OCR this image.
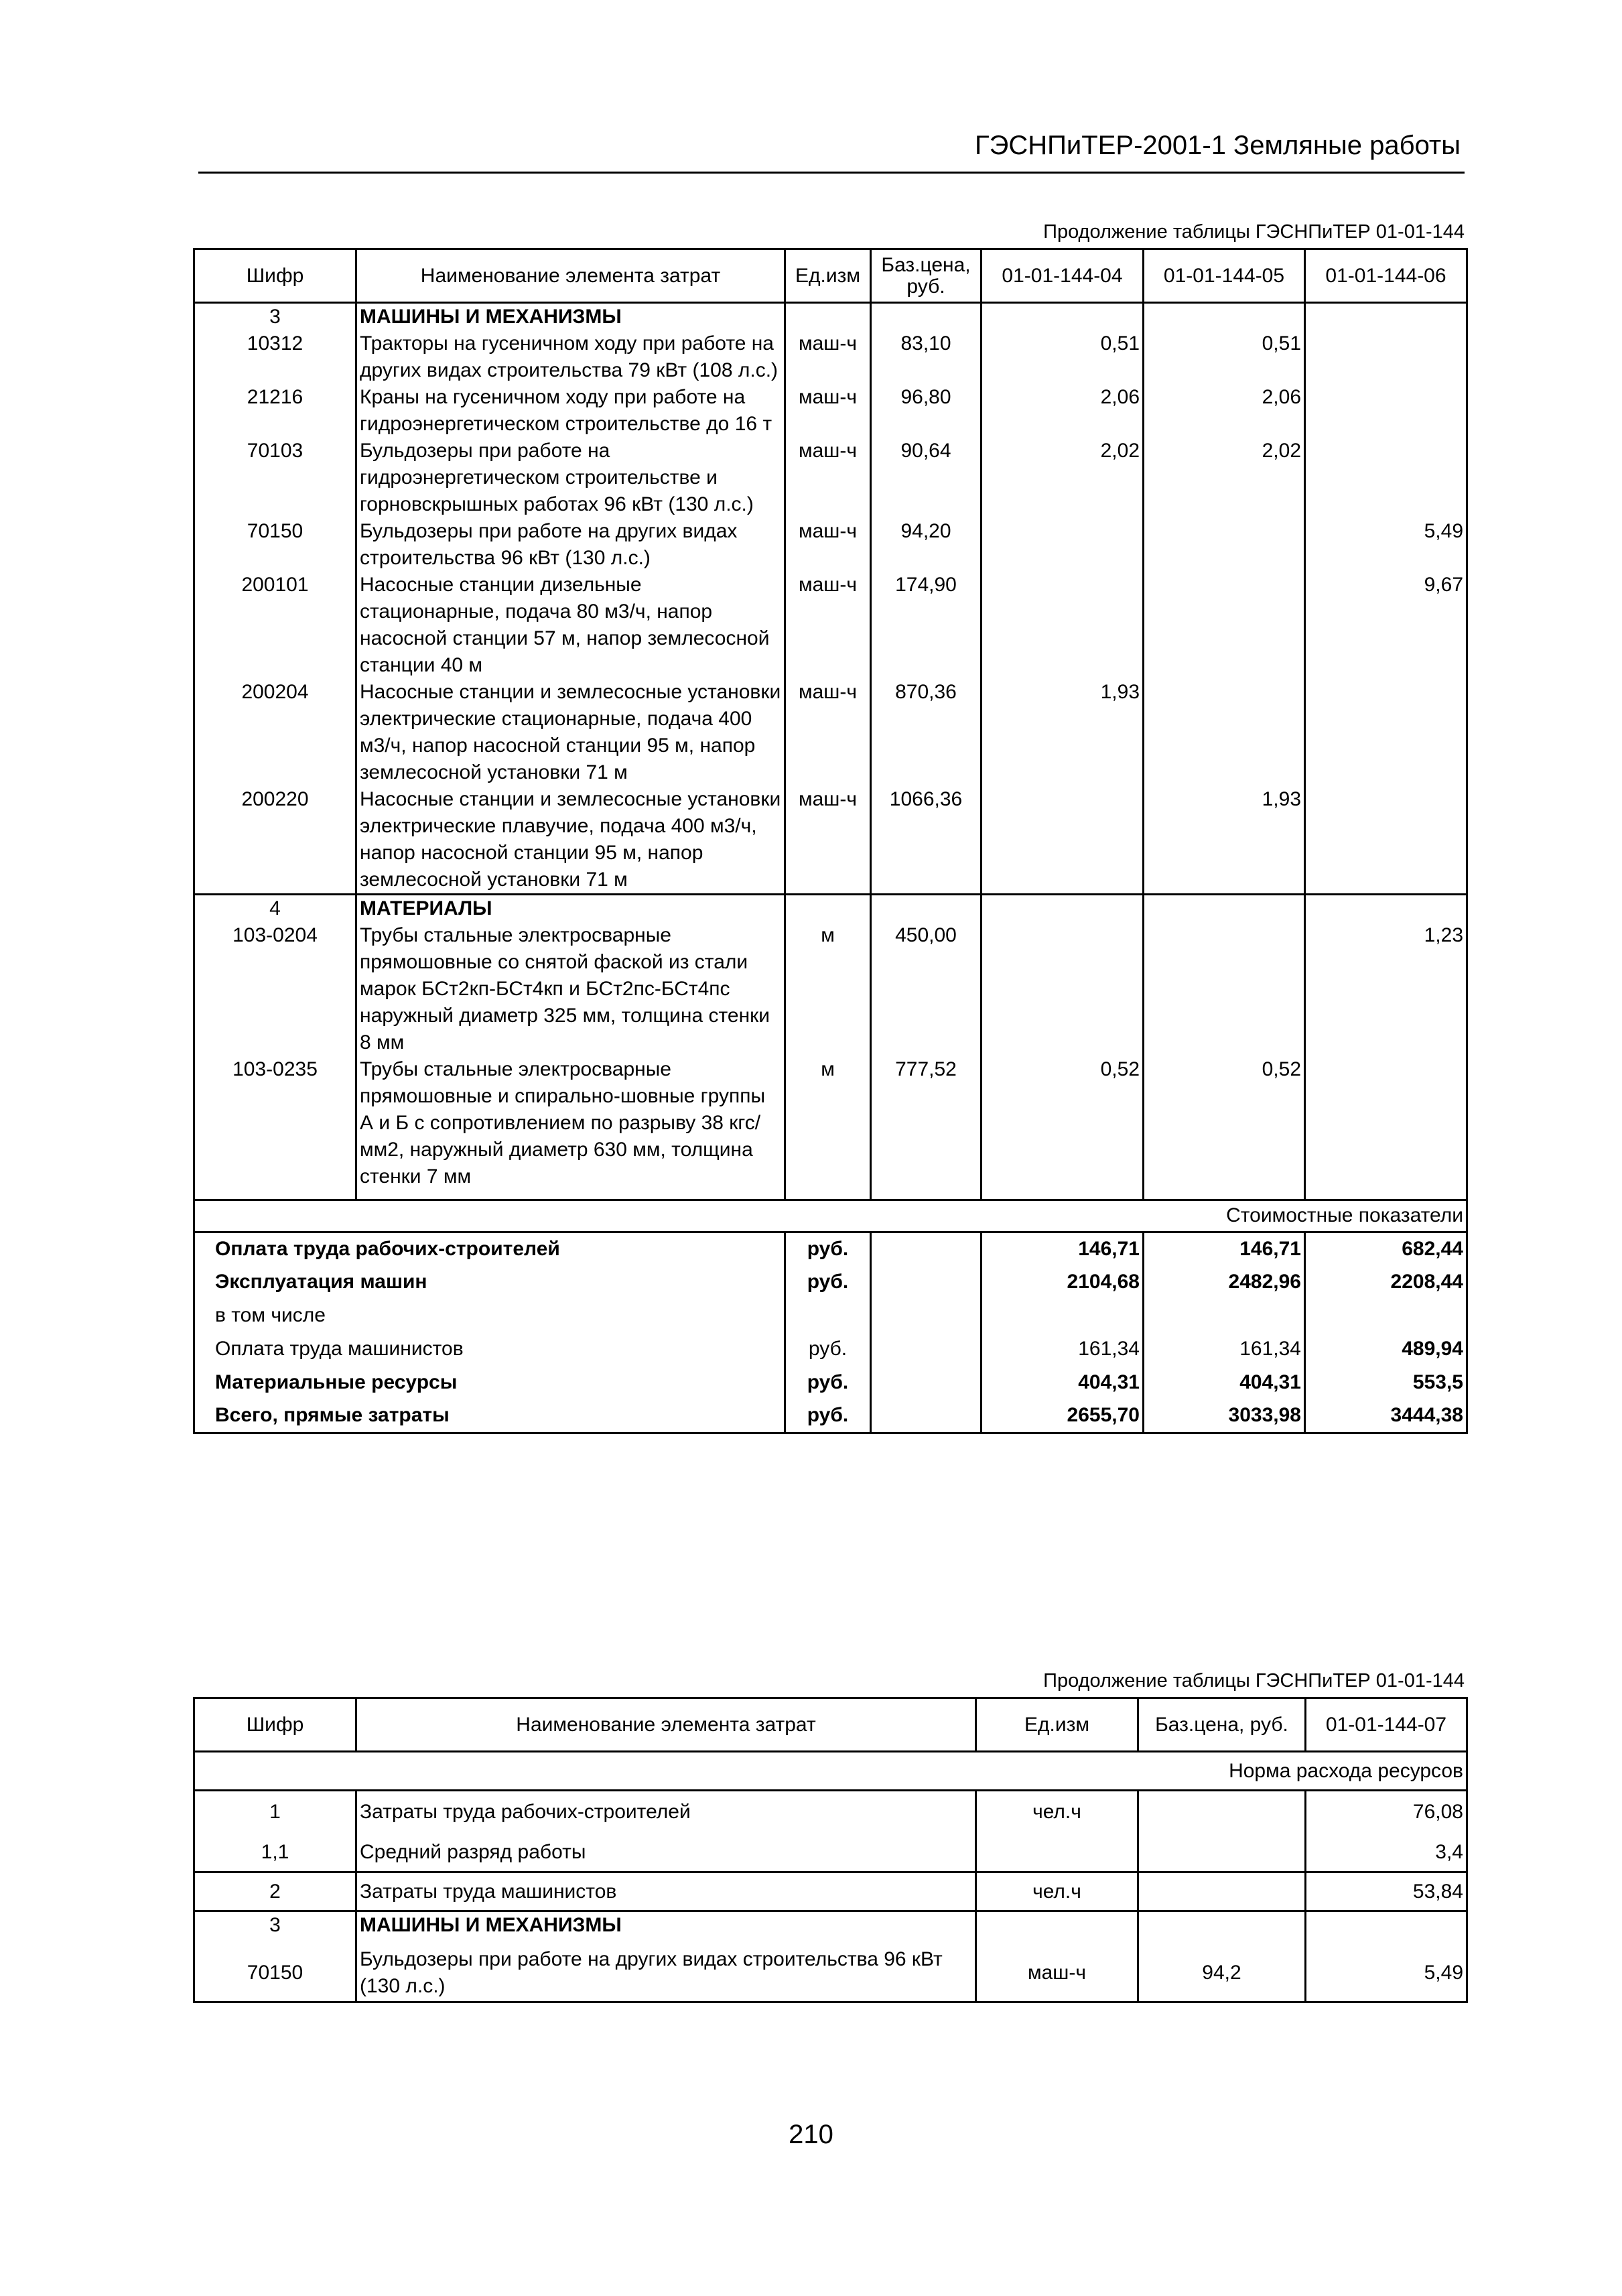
ГЭСНПиТЕР-2001-1 Земляные работы
Продолжение таблицы ГЭСНПиТЕР 01-01-144
Шифр	Наименование элемента затрат	Ед.изм	Баз.цена, руб.	01-01-144-04	01-01-144-05	01-01-144-06
3	МАШИНЫ И МЕХАНИЗМЫ					
10312	Тракторы на гусеничном ходу при работе на других видах строительства 79 кВт (108 л.с.)	маш-ч	83,10	0,51	0,51	
21216	Краны на гусеничном ходу при работе на гидроэнергетическом строительстве до 16 т	маш-ч	96,80	2,06	2,06	
70103	Бульдозеры при работе на гидроэнергетическом строительстве и горновскрышных работах 96 кВт (130 л.с.)	маш-ч	90,64	2,02	2,02	
70150	Бульдозеры при работе на других видах строительства 96 кВт (130 л.с.)	маш-ч	94,20			5,49
200101	Насосные станции дизельные стационарные, подача 80 м3/ч, напор насосной станции 57 м, напор землесосной станции 40 м	маш-ч	174,90			9,67
200204	Насосные станции и землесосные установки электрические стационарные, подача 400 м3/ч, напор насосной станции 95 м, напор землесосной установки 71 м	маш-ч	870,36	1,93		
200220	Насосные станции и землесосные установки электрические плавучие, подача 400 м3/ч, напор насосной станции 95 м, напор землесосной установки 71 м	маш-ч	1066,36		1,93	
4	МАТЕРИАЛЫ					
103-0204	Трубы стальные электросварные прямошовные со снятой фаской из стали марок БСт2кп-БСт4кп и БСт2пс-БСт4пс наружный диаметр 325 мм, толщина стенки 8 мм	м	450,00			1,23
103-0235	Трубы стальные электросварные прямошовные и спирально-шовные группы А и Б с сопротивлением по разрыву 38 кгс/мм2, наружный диаметр 630 мм, толщина стенки 7 мм	м	777,52	0,52	0,52	

Стоимостные показатели						
Оплата труда рабочих-строителей		руб.		146,71	146,71	682,44
Эксплуатация машин		руб.		2104,68	2482,96	2208,44
в том числе						
Оплата труда машинистов		руб.		161,34	161,34	489,94
Материальные ресурсы		руб.		404,31	404,31	553,5
Всего, прямые затраты		руб.		2655,70	3033,98	3444,38
Продолжение таблицы ГЭСНПиТЕР 01-01-144
Шифр	Наименование элемента затрат	Ед.изм	Баз.цена, руб.	01-01-144-07
Норма расхода ресурсов				
1	Затраты труда рабочих-строителей	чел.ч		76,08
1,1	Средний разряд работы			3,4
2	Затраты труда машинистов	чел.ч		53,84
3	МАШИНЫ И МЕХАНИЗМЫ			
70150	Бульдозеры при работе на других видах строительства 96 кВт (130 л.с.)	маш-ч	94,2	5,49
210
